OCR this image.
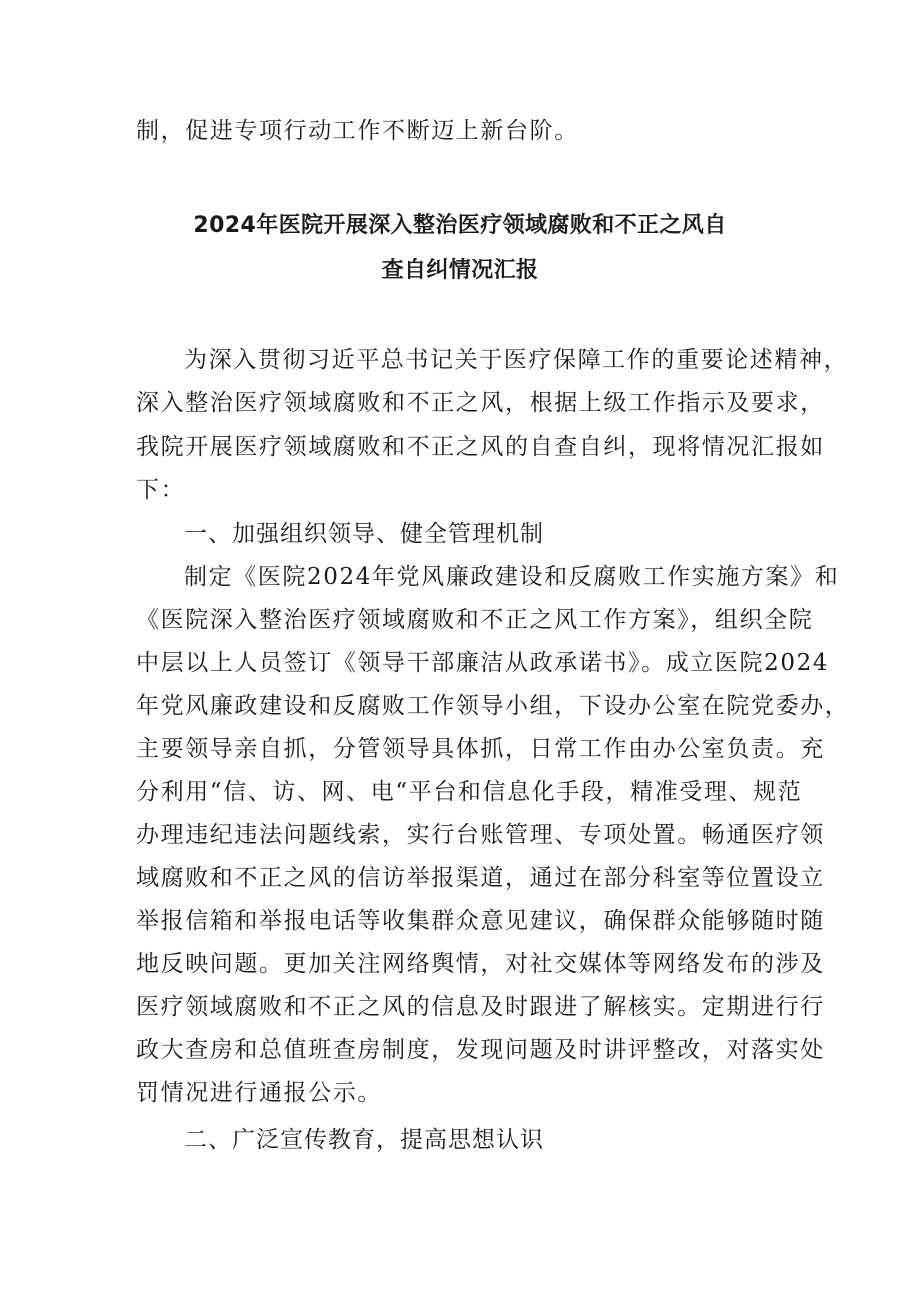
制，促进专项行动工作不断迈上新台阶。
2024年医院开展深入整治医疗领域腐败和不正之风自
查自纠情况汇报
为深入贯彻习近平总书记关于医疗保障工作的重要论述精神，
深入整治医疗领域腐败和不正之风，根据上级工作指示及要求，
我院开展医疗领域腐败和不正之风的自查自纠，现将情况汇报如
下：
一、加强组织领导、健全管理机制
制定《医院2024年党风廉政建设和反腐败工作实施方案》和
《医院深入整治医疗领域腐败和不正之风工作方案》，组织全院
中层以上人员签订《领导干部廉洁从政承诺书》。成立医院2024
年党风廉政建设和反腐败工作领导小组，下设办公室在院党委办，
主要领导亲自抓，分管领导具体抓，日常工作由办公室负责。充
分利用“信、访、网、电“平台和信息化手段，精准受理、规范
办理违纪违法问题线索，实行台账管理、专项处置。畅通医疗领
域腐败和不正之风的信访举报渠道，通过在部分科室等位置设立
举报信箱和举报电话等收集群众意见建议，确保群众能够随时随
地反映问题。更加关注网络舆情，对社交媒体等网络发布的涉及
医疗领域腐败和不正之风的信息及时跟进了解核实。定期进行行
政大查房和总值班查房制度，发现问题及时讲评整改，对落实处
罚情况进行通报公示。
二、广泛宣传教育，提高思想认识
